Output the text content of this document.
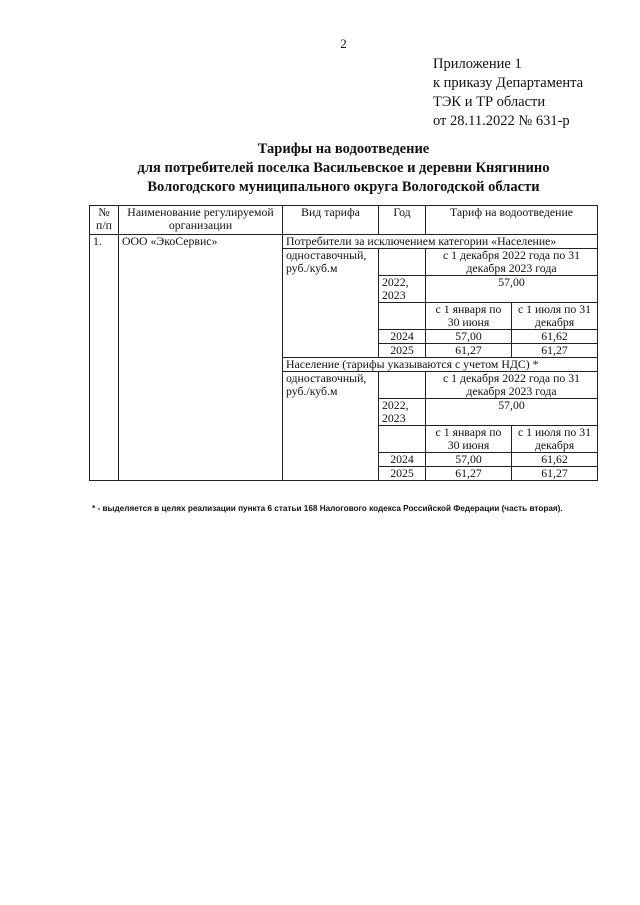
2
Приложение 1
к приказу Департамента
ТЭК и ТР области
от 28.11.2022 № 631-р
Тарифы на водоотведение
для потребителей поселка Васильевское и деревни Княгинино
Вологодского муниципального округа Вологодской области
№ п/п	Наименование регулируемой организации	Вид тарифа	Год	Тариф на водоотведение	
1.	ООО «ЭкоСервис»	Потребители за исключением категории «Население»			
		одноставочный, руб./куб.м		с 1 декабря 2022 года по 31 декабря 2023 года	
			2022, 2023	57,00	
				с 1 января по 30 июня	с 1 июля по 31 декабря
			2024	57,00	61,62
			2025	61,27	61,27
		Население (тарифы указываются с учетом НДС) *			
		одноставочный, руб./куб.м		с 1 декабря 2022 года по 31 декабря 2023 года	
			2022, 2023	57,00	
				с 1 января по 30 июня	с 1 июля по 31 декабря
			2024	57,00	61,62
			2025	61,27	61,27
* - выделяется в целях реализации пункта 6 статьи 168 Налогового кодекса Российской Федерации (часть вторая).
